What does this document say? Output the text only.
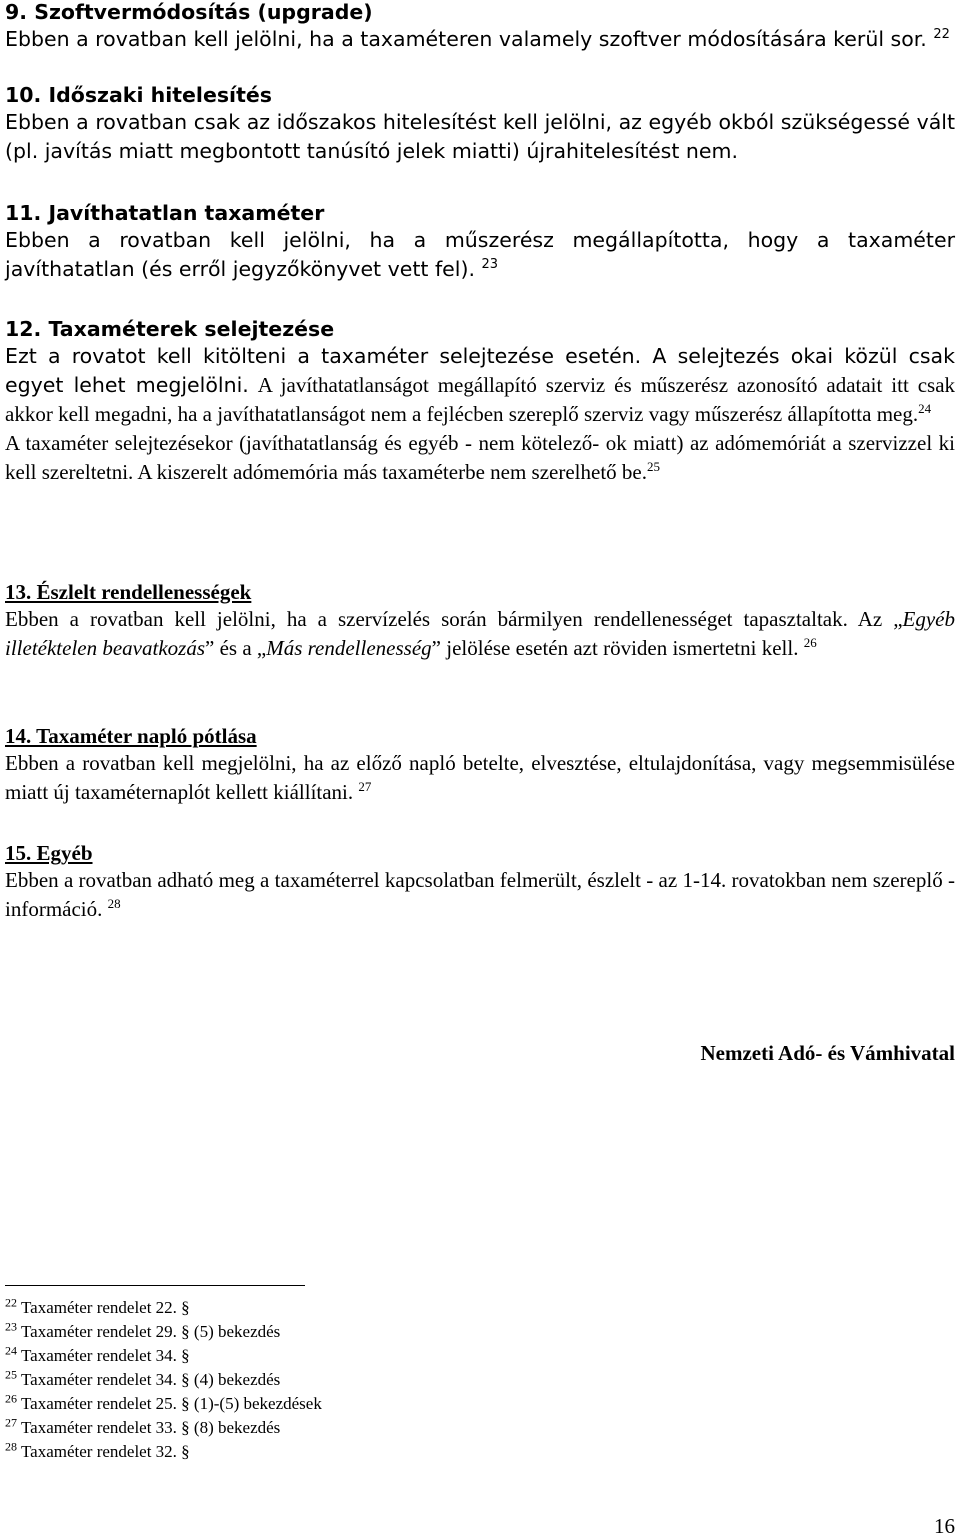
9. Szoftvermódosítás (upgrade)

Ebben a rovatban kell jelölni, ha a taxaméteren valamely szoftver módosítására kerül sor. $^{22}$

10. Időszaki hitelesítés

Ebben a rovatban csak az időszakos hitelesítést kell jelölni, az egyéb okból szükségessé vált (pl. javítás miatt megbontott tanúsító jelek miatti) újrahitelesítést nem.

11. Javíthatatlan taxaméter

Ebben a rovatban kell jelölni, ha a műszerész megállapította, hogy a taxaméter javíthatatlan (és erről jegyzőkönyvet vett fel). $^{23}$

12. Taxaméterek selejtezése

Ezt a rovatot kell kitölteni a taxaméter selejtezése esetén. A selejtezés okai közül csak egyet lehet megjelölni. A javíthatatlanságot megállapító szerviz és műszerész azonosító adatait itt csak akkor kell megadni, ha a javíthatatlanságot nem a fejlécben szereplő szerviz vagy műszerész állapította meg.$^{24}$

A taxaméter selejtezésekor (javíthatatlanság és egyéb - nem kötelező- ok miatt) az adómemóriát a szervizzel ki kell szereltetni. A kiszerelt adómemória más taxaméterbe nem szerelhető be.$^{25}$

13. Észlelt rendellenességek

Ebben a rovatban kell jelölni, ha a szervízelés során bármilyen rendellenességet tapasztaltak. Az „Egyéb illetéktelen beavatkozás” és a „Más rendellenesség” jelölése esetén azt röviden ismertetni kell. $^{26}$

14. Taxaméter napló pótlása

Ebben a rovatban kell megjelölni, ha az előző napló betelte, elvesztése, eltulajdonítása, vagy megsemmisülése miatt új taxaméternaplót kellett kiállítani. $^{27}$

15. Egyéb

Ebben a rovatban adható meg a taxaméterrel kapcsolatban felmerült, észlelt - az 1-14. rovatokban nem szereplő - információ. $^{28}$

Nemzeti Adó- és Vámhivatal
$^{22}$ Taxaméter rendelet 22. §
$^{23}$ Taxaméter rendelet 29. § (5) bekezdés
$^{24}$ Taxaméter rendelet 34. §
$^{25}$ Taxaméter rendelet 34. § (4) bekezdés
$^{26}$ Taxaméter rendelet 25. § (1)-(5) bekezdések
$^{27}$ Taxaméter rendelet 33. § (8) bekezdés
$^{28}$ Taxaméter rendelet 32. §
16
